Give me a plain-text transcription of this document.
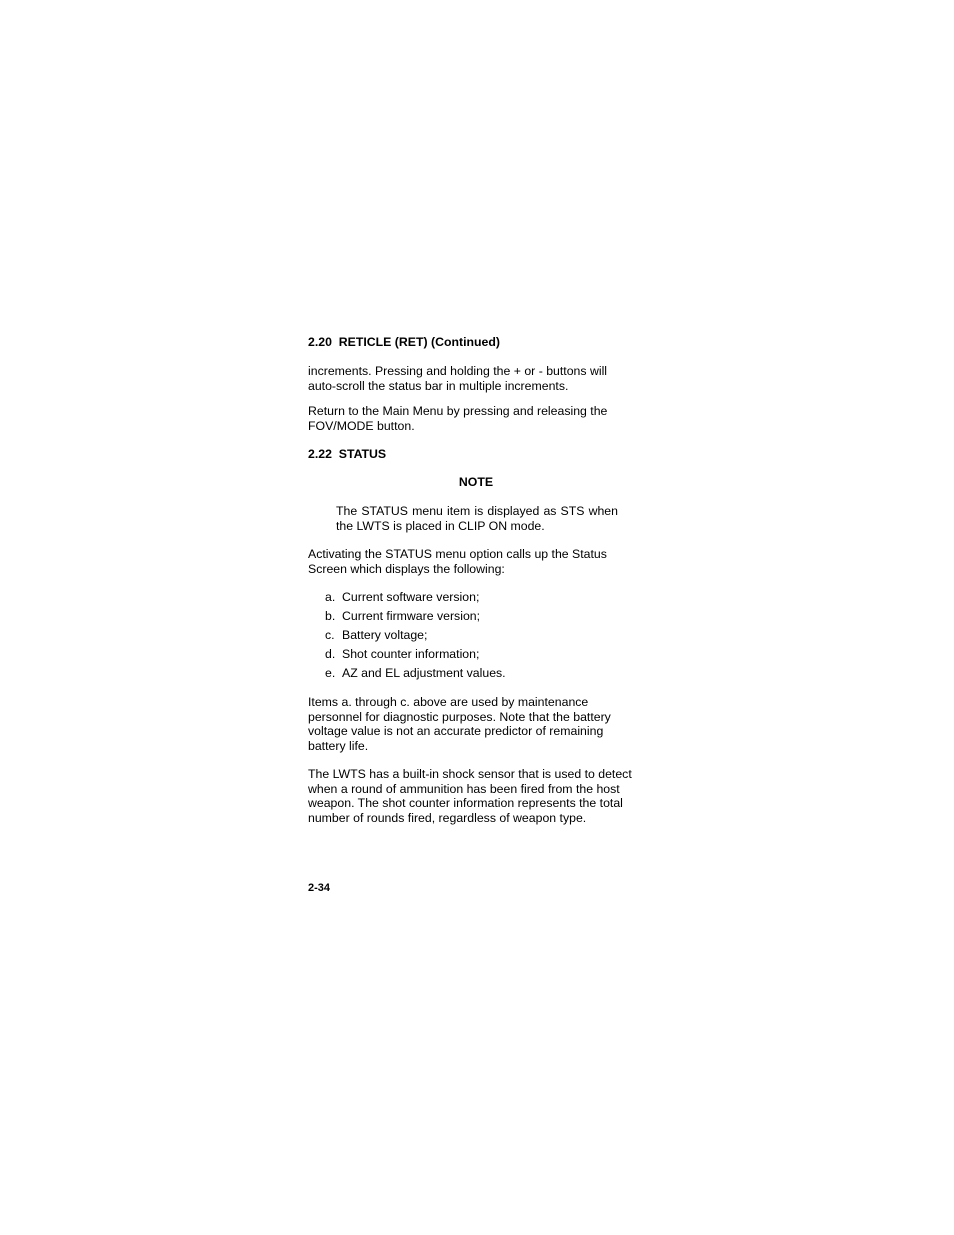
2.20  RETICLE (RET) (Continued)

increments. Pressing and holding the + or - buttons will auto-scroll the status bar in multiple increments.

Return to the Main Menu by pressing and releasing the FOV/MODE button.

2.22  STATUS
NOTE

The STATUS menu item is displayed as STS when the LWTS is placed in CLIP ON mode.

Activating the STATUS menu option calls up the Status Screen which displays the following:

a. Current software version;
b. Current firmware version;
c. Battery voltage;
d. Shot counter information;
e. AZ and EL adjustment values.

Items a. through c. above are used by maintenance personnel for diagnostic purposes. Note that the battery voltage value is not an accurate predictor of remaining battery life.

The LWTS has a built-in shock sensor that is used to detect when a round of ammunition has been fired from the host weapon. The shot counter information represents the total number of rounds fired, regardless of weapon type.

2-34
